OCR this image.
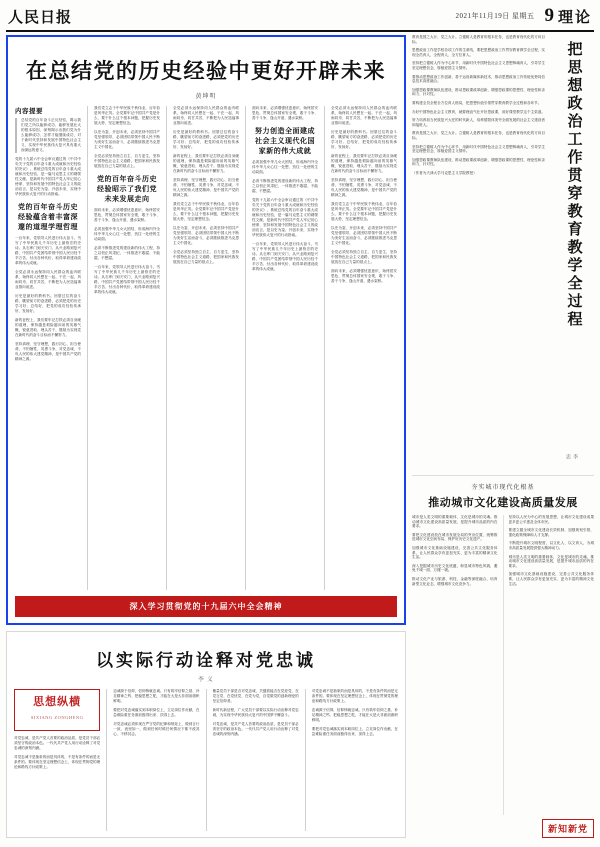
人民日报	2021年11月19日 星期五 9 理论
在总结党的历史经验中更好开辟未来
黄坤明
内容提要
总结党的百年奋斗正反经验，揭示我们党之所以能够成功、能够发展壮大的根本原因，深刻揭示出我们党为什么能够成功、怎样才能继续成功，对于新时代坚持和发展中国特色社会主义、实现中华民族伟大复兴具有重大而深远的意义。
党的十九届六中全会审议通过的《中共中央关于党的百年奋斗重大成就和历史经验的决议》，系统总结党的百年奋斗重大成就和历史经验，是一篇马克思主义的纲领性文献，是新时代中国共产党人牢记初心使命、坚持和发展中国特色社会主义的政治宣言，是以史为鉴、开创未来，实现中华民族伟大复兴的行动指南。
党的百年奋斗历史经验蕴含着丰富深邃的道理学理哲理
一百年来，党领导人民进行伟大奋斗，书写了中华民族几千年历史上最恢宏的史诗。从石库门到天安门，从兴业路到复兴路，中国共产党团结带领中国人民历经千辛万苦、付出各种代价，取得革命建设改革的伟大成就。
全党必须永远保持同人民群众的血肉联系，始终同人民想在一起、干在一起，风雨同舟、同甘共苦，不断把为人民造福事业推向前进。
历史是最好的教科书。回望过往的奋斗路，眺望前方的奋进路，必须把党的历史学习好、总结好，把党的成功经验传承好、发扬好。
新的征程上，我们要牢记打铁必须自身硬的道理，保持越是艰险越向前的英雄气概，锐意进取、埋头苦干，继续为实现党在新时代的奋斗目标而不懈努力。
坚持真理、坚守理想，践行初心、担当使命，不怕牺牲、英勇斗争，对党忠诚、不负人民的伟大建党精神，是中国共产党的精神之源。
我们党立志于中华民族千秋伟业，百年恰是风华正茂。全党要牢记中国共产党是什么、要干什么这个根本问题，把握历史发展大势，坚定理想信念。
以史为鉴、开创未来，必须坚持中国共产党坚强领导，必须团结带领中国人民不断为美好生活而奋斗，必须继续推进马克思主义中国化。
全党必须坚持独立自主、自力更生，坚持中国特色社会主义道路，把国家和民族发展放在自己力量的基点上。
党的百年奋斗历史经验昭示了我们党未来发展走向
面向未来，必须增强忧患意识、始终居安思危，贯彻总体国家安全观，敢于斗争、善于斗争，逢山开道、遇水架桥。
必须加强中华儿女大团结，形成海内外全体中华儿女心往一处想、劲往一处使的生动局面。
必须不断推进党的建设新的伟大工程，持之以恒正风肃纪，一体推进不敢腐、不能腐、不想腐。
一百年来，党领导人民进行伟大奋斗，书写了中华民族几千年历史上最恢宏的史诗。从石库门到天安门，从兴业路到复兴路，中国共产党团结带领中国人民历经千辛万苦、付出各种代价，取得革命建设改革的伟大成就。
全党必须永远保持同人民群众的血肉联系，始终同人民想在一起、干在一起，风雨同舟、同甘共苦，不断把为人民造福事业推向前进。
历史是最好的教科书。回望过往的奋斗路，眺望前方的奋进路，必须把党的历史学习好、总结好，把党的成功经验传承好、发扬好。
新的征程上，我们要牢记打铁必须自身硬的道理，保持越是艰险越向前的英雄气概，锐意进取、埋头苦干，继续为实现党在新时代的奋斗目标而不懈努力。
坚持真理、坚守理想，践行初心、担当使命，不怕牺牲、英勇斗争，对党忠诚、不负人民的伟大建党精神，是中国共产党的精神之源。
我们党立志于中华民族千秋伟业，百年恰是风华正茂。全党要牢记中国共产党是什么、要干什么这个根本问题，把握历史发展大势，坚定理想信念。
以史为鉴、开创未来，必须坚持中国共产党坚强领导，必须团结带领中国人民不断为美好生活而奋斗，必须继续推进马克思主义中国化。
全党必须坚持独立自主、自力更生，坚持中国特色社会主义道路，把国家和民族发展放在自己力量的基点上。
面向未来，必须增强忧患意识、始终居安思危，贯彻总体国家安全观，敢于斗争、善于斗争，逢山开道、遇水架桥。
努力创造全面建成社会主义现代化国家新的伟大成就
必须加强中华儿女大团结，形成海内外全体中华儿女心往一处想、劲往一处使的生动局面。
必须不断推进党的建设新的伟大工程，持之以恒正风肃纪，一体推进不敢腐、不能腐、不想腐。
党的十九届六中全会审议通过的《中共中央关于党的百年奋斗重大成就和历史经验的决议》，系统总结党的百年奋斗重大成就和历史经验，是一篇马克思主义的纲领性文献，是新时代中国共产党人牢记初心使命、坚持和发展中国特色社会主义的政治宣言，是以史为鉴、开创未来，实现中华民族伟大复兴的行动指南。
一百年来，党领导人民进行伟大奋斗，书写了中华民族几千年历史上最恢宏的史诗。从石库门到天安门，从兴业路到复兴路，中国共产党团结带领中国人民历经千辛万苦、付出各种代价，取得革命建设改革的伟大成就。
全党必须永远保持同人民群众的血肉联系，始终同人民想在一起、干在一起，风雨同舟、同甘共苦，不断把为人民造福事业推向前进。
历史是最好的教科书。回望过往的奋斗路，眺望前方的奋进路，必须把党的历史学习好、总结好，把党的成功经验传承好、发扬好。
新的征程上，我们要牢记打铁必须自身硬的道理，保持越是艰险越向前的英雄气概，锐意进取、埋头苦干，继续为实现党在新时代的奋斗目标而不懈努力。
坚持真理、坚守理想，践行初心、担当使命，不怕牺牲、英勇斗争，对党忠诚、不负人民的伟大建党精神，是中国共产党的精神之源。
我们党立志于中华民族千秋伟业，百年恰是风华正茂。全党要牢记中国共产党是什么、要干什么这个根本问题，把握历史发展大势，坚定理想信念。
以史为鉴、开创未来，必须坚持中国共产党坚强领导，必须团结带领中国人民不断为美好生活而奋斗，必须继续推进马克思主义中国化。
全党必须坚持独立自主、自力更生，坚持中国特色社会主义道路，把国家和民族发展放在自己力量的基点上。
面向未来，必须增强忧患意识、始终居安思危，贯彻总体国家安全观，敢于斗争、善于斗争，逢山开道、遇水架桥。
深入学习贯彻党的十九届六中全会精神
以实际行动诠释对党忠诚
李 义
思想纵横
SIXIANG ZONGHENG
对党忠诚，是共产党人首要的政治品质，是党员干部必须坚守的政治本色。一代代共产党人用行动诠释了对党忠诚的深刻内涵。
对党忠诚不是抽象的而是具体的，不是有条件的而是无条件的。要体现在坚定理想信念上，体现在贯彻党的理论和路线方针政策上。
忠诚源于信仰，信仰铸就忠诚。只有筑牢信仰之基、补足精神之钙、把稳思想之舵，才能在大是大非面前旗帜鲜明。
要把对党忠诚落实到本职岗位上，立足岗位作贡献，在急难险重任务面前豁得出来、顶得上去。
对党忠诚必须体现在严守党的纪律和规矩上，做到言行一致、表里如一，做到任何时候任何情况下都不改其心、不移其志。
衡量党员干部是否对党忠诚，关键看能否在党爱党、在党言党、在党忧党、在党为党，自觉做党的创新理论的坚定信仰者。
新时代新征程，广大党员干部要以实际行动诠释对党忠诚，为实现中华民族伟大复兴的中国梦不懈奋斗。
对党忠诚，是共产党人首要的政治品质，是党员干部必须坚守的政治本色。一代代共产党人用行动诠释了对党忠诚的深刻内涵。
对党忠诚不是抽象的而是具体的，不是有条件的而是无条件的。要体现在坚定理想信念上，体现在贯彻党的理论和路线方针政策上。
忠诚源于信仰，信仰铸就忠诚。只有筑牢信仰之基、补足精神之钙、把稳思想之舵，才能在大是大非面前旗帜鲜明。
要把对党忠诚落实到本职岗位上，立足岗位作贡献，在急难险重任务面前豁得出来、顶得上去。
教育是国之大计、党之大计。立德树人是教育的根本任务，也是教育现代化的方向目标。
思想政治工作是学校各项工作的生命线，要把思想政治工作贯穿教育教学全过程，实现全员育人、全程育人、全方位育人。
坚持把立德树人作为中心环节，用新时代中国特色社会主义思想铸魂育人，引导学生坚定理想信念、厚植爱国主义情怀。
要推动思想政治工作创新，善于运用新媒体新技术，推动思想政治工作传统优势同信息技术高度融合。
加强思政课教师队伍建设，推动思政课改革创新，增强思政课的思想性、理论性和亲和力、针对性。
要构建全员全程全方位育人格局，把思想价值引领贯穿教育教学全过程和各环节。
办好中国特色社会主义教育，就要理直气壮开好思政课，用好课堂教学这个主渠道。
努力培养担当民族复兴大任的时代新人，培养德智体美劳全面发展的社会主义建设者和接班人。
教育是国之大计、党之大计。立德树人是教育的根本任务，也是教育现代化的方向目标。
坚持把立德树人作为中心环节，用新时代中国特色社会主义思想铸魂育人，引导学生坚定理想信念、厚植爱国主义情怀。
加强思政课教师队伍建设，推动思政课改革创新，增强思政课的思想性、理论性和亲和力、针对性。
（作者为天津大学马克思主义学院教授）	把思想政治工作贯穿教育教学全过程
李 忠
夯实城市现代化根基
推动城市文化建设高质量发展
城市是人类文明的重要载体，文化是城市的灵魂。推动城市文化建设高质量发展，是提升城市品质的内在要求。
要把文化建设放在城市发展全局的突出位置，统筹推进城市文化空间布局，保护好历史文化遗产。
加强城市文化基础设施建设，完善公共文化服务体系，让人民群众享有更加充实、更为丰富的精神文化生活。
深入挖掘城市历史文化底蕴，彰显城市特色风貌，避免千城一面、万楼一貌。
推动文化产业与旅游、科技、金融等深度融合，培育新型文化业态，增强城市文化竞争力。
坚持以人民为中心的发展思想，让城市文化建设成果更多更公平惠及全体市民。
要建立健全城市文化建设长效机制，加强规划引领，强化政策保障和人才支撑。
不断提升城市文明程度，以文化人、以文育人，为城市高质量发展提供强大精神动力。
城市是人类文明的重要载体，文化是城市的灵魂。推动城市文化建设高质量发展，是提升城市品质的内在要求。
加强城市文化基础设施建设，完善公共文化服务体系，让人民群众享有更加充实、更为丰富的精神文化生活。
新知新党
